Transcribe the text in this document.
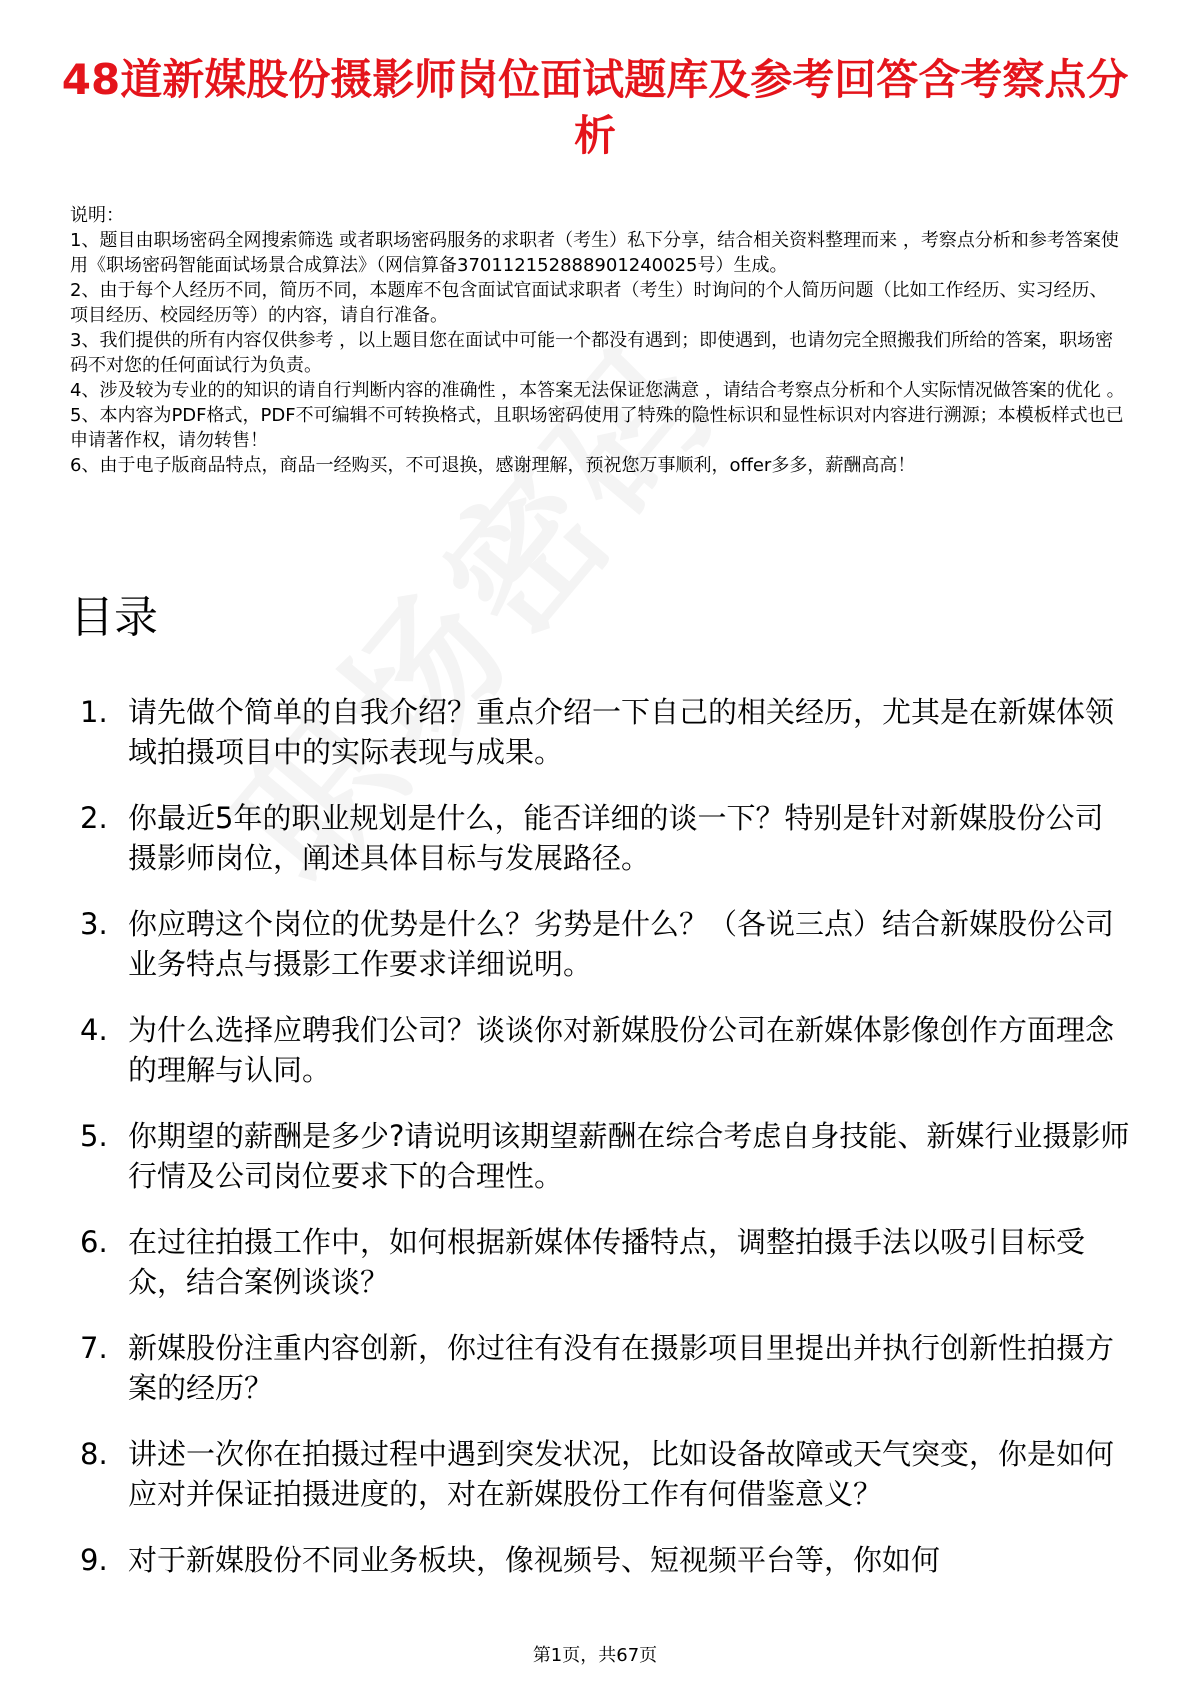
48道新媒股份摄影师岗位面试题库及参考回答含考察点分析

说明：

1、题目由职场密码全网搜索筛选 或者职场密码服务的求职者（考生）私下分享，结合相关资料整理而来 ，考察点分析和参考答案使用《职场密码智能面试场景合成算法》（网信算备370112152888901240025号）生成。

2、由于每个人经历不同，简历不同，本题库不包含面试官面试求职者（考生）时询问的个人简历问题（比如工作经历、实习经历、项目经历、校园经历等）的内容，请自行准备。

3、我们提供的所有内容仅供参考 ，以上题目您在面试中可能一个都没有遇到；即使遇到，也请勿完全照搬我们所给的答案，职场密码不对您的任何面试行为负责。

4、涉及较为专业的的知识的请自行判断内容的准确性 ，本答案无法保证您满意 ，请结合考察点分析和个人实际情况做答案的优化 。

5、本内容为PDF格式，PDF不可编辑不可转换格式，且职场密码使用了特殊的隐性标识和显性标识对内容进行溯源；本模板样式也已申请著作权，请勿转售！

6、由于电子版商品特点，商品一经购买，不可退换，感谢理解，预祝您万事顺利，offer多多，薪酬高高！

目录
1. 请先做个简单的自我介绍？重点介绍一下自己的相关经历，尤其是在新媒体领域拍摄项目中的实际表现与成果。
2. 你最近5年的职业规划是什么，能否详细的谈一下？特别是针对新媒股份公司摄影师岗位，阐述具体目标与发展路径。
3. 你应聘这个岗位的优势是什么？劣势是什么？（各说三点）结合新媒股份公司业务特点与摄影工作要求详细说明。
4. 为什么选择应聘我们公司？谈谈你对新媒股份公司在新媒体影像创作方面理念的理解与认同。
5. 你期望的薪酬是多少?请说明该期望薪酬在综合考虑自身技能、新媒行业摄影师行情及公司岗位要求下的合理性。
6. 在过往拍摄工作中，如何根据新媒体传播特点，调整拍摄手法以吸引目标受众，结合案例谈谈？
7. 新媒股份注重内容创新，你过往有没有在摄影项目里提出并执行创新性拍摄方案的经历？
8. 讲述一次你在拍摄过程中遇到突发状况，比如设备故障或天气突变，你是如何应对并保证拍摄进度的，对在新媒股份工作有何借鉴意义？
9. 对于新媒股份不同业务板块，像视频号、短视频平台等，你如何
第1页，共67页
